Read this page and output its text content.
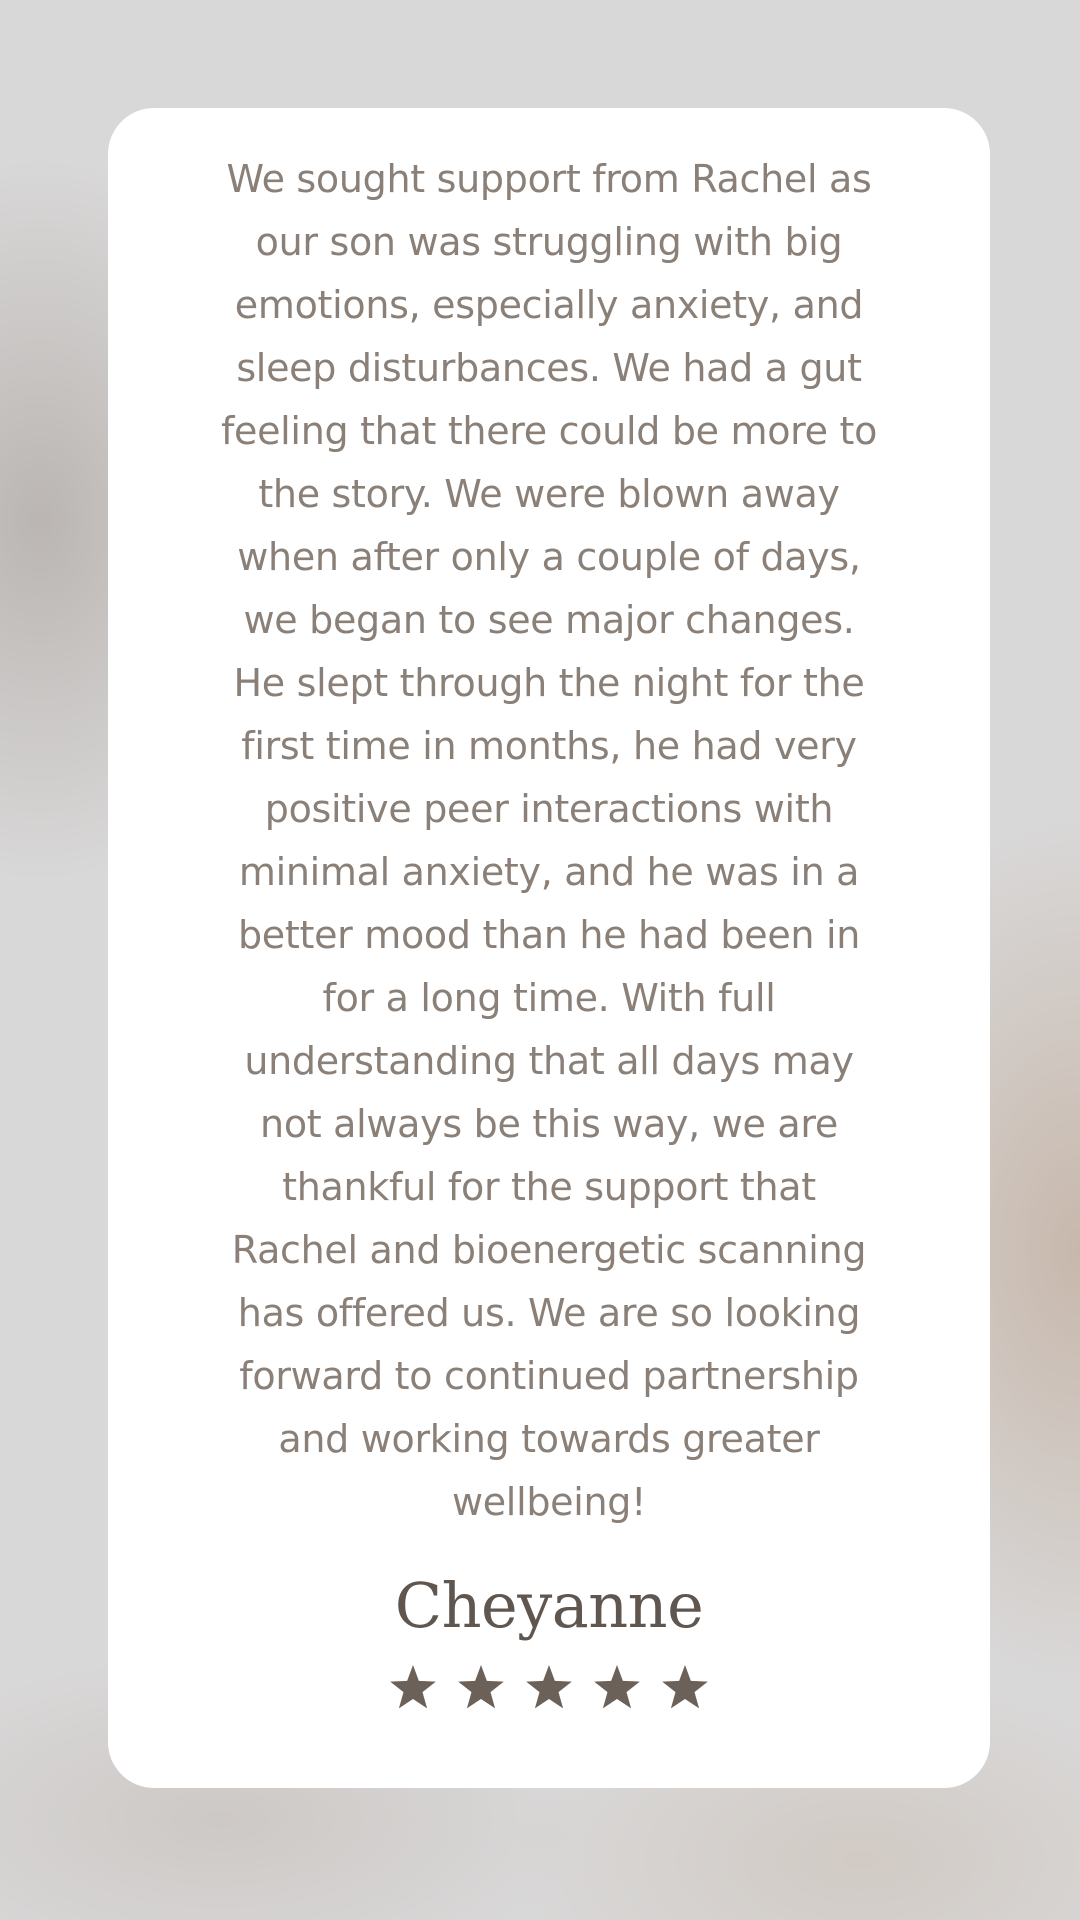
We sought support from Rachel as
our son was struggling with big
emotions, especially anxiety, and
sleep disturbances. We had a gut
feeling that there could be more to
the story. We were blown away
when after only a couple of days,
we began to see major changes.
He slept through the night for the
first time in months, he had very
positive peer interactions with
minimal anxiety, and he was in a
better mood than he had been in
for a long time. With full
understanding that all days may
not always be this way, we are
thankful for the support that
Rachel and bioenergetic scanning
has offered us. We are so looking
forward to continued partnership
and working towards greater
wellbeing!

Cheyanne
